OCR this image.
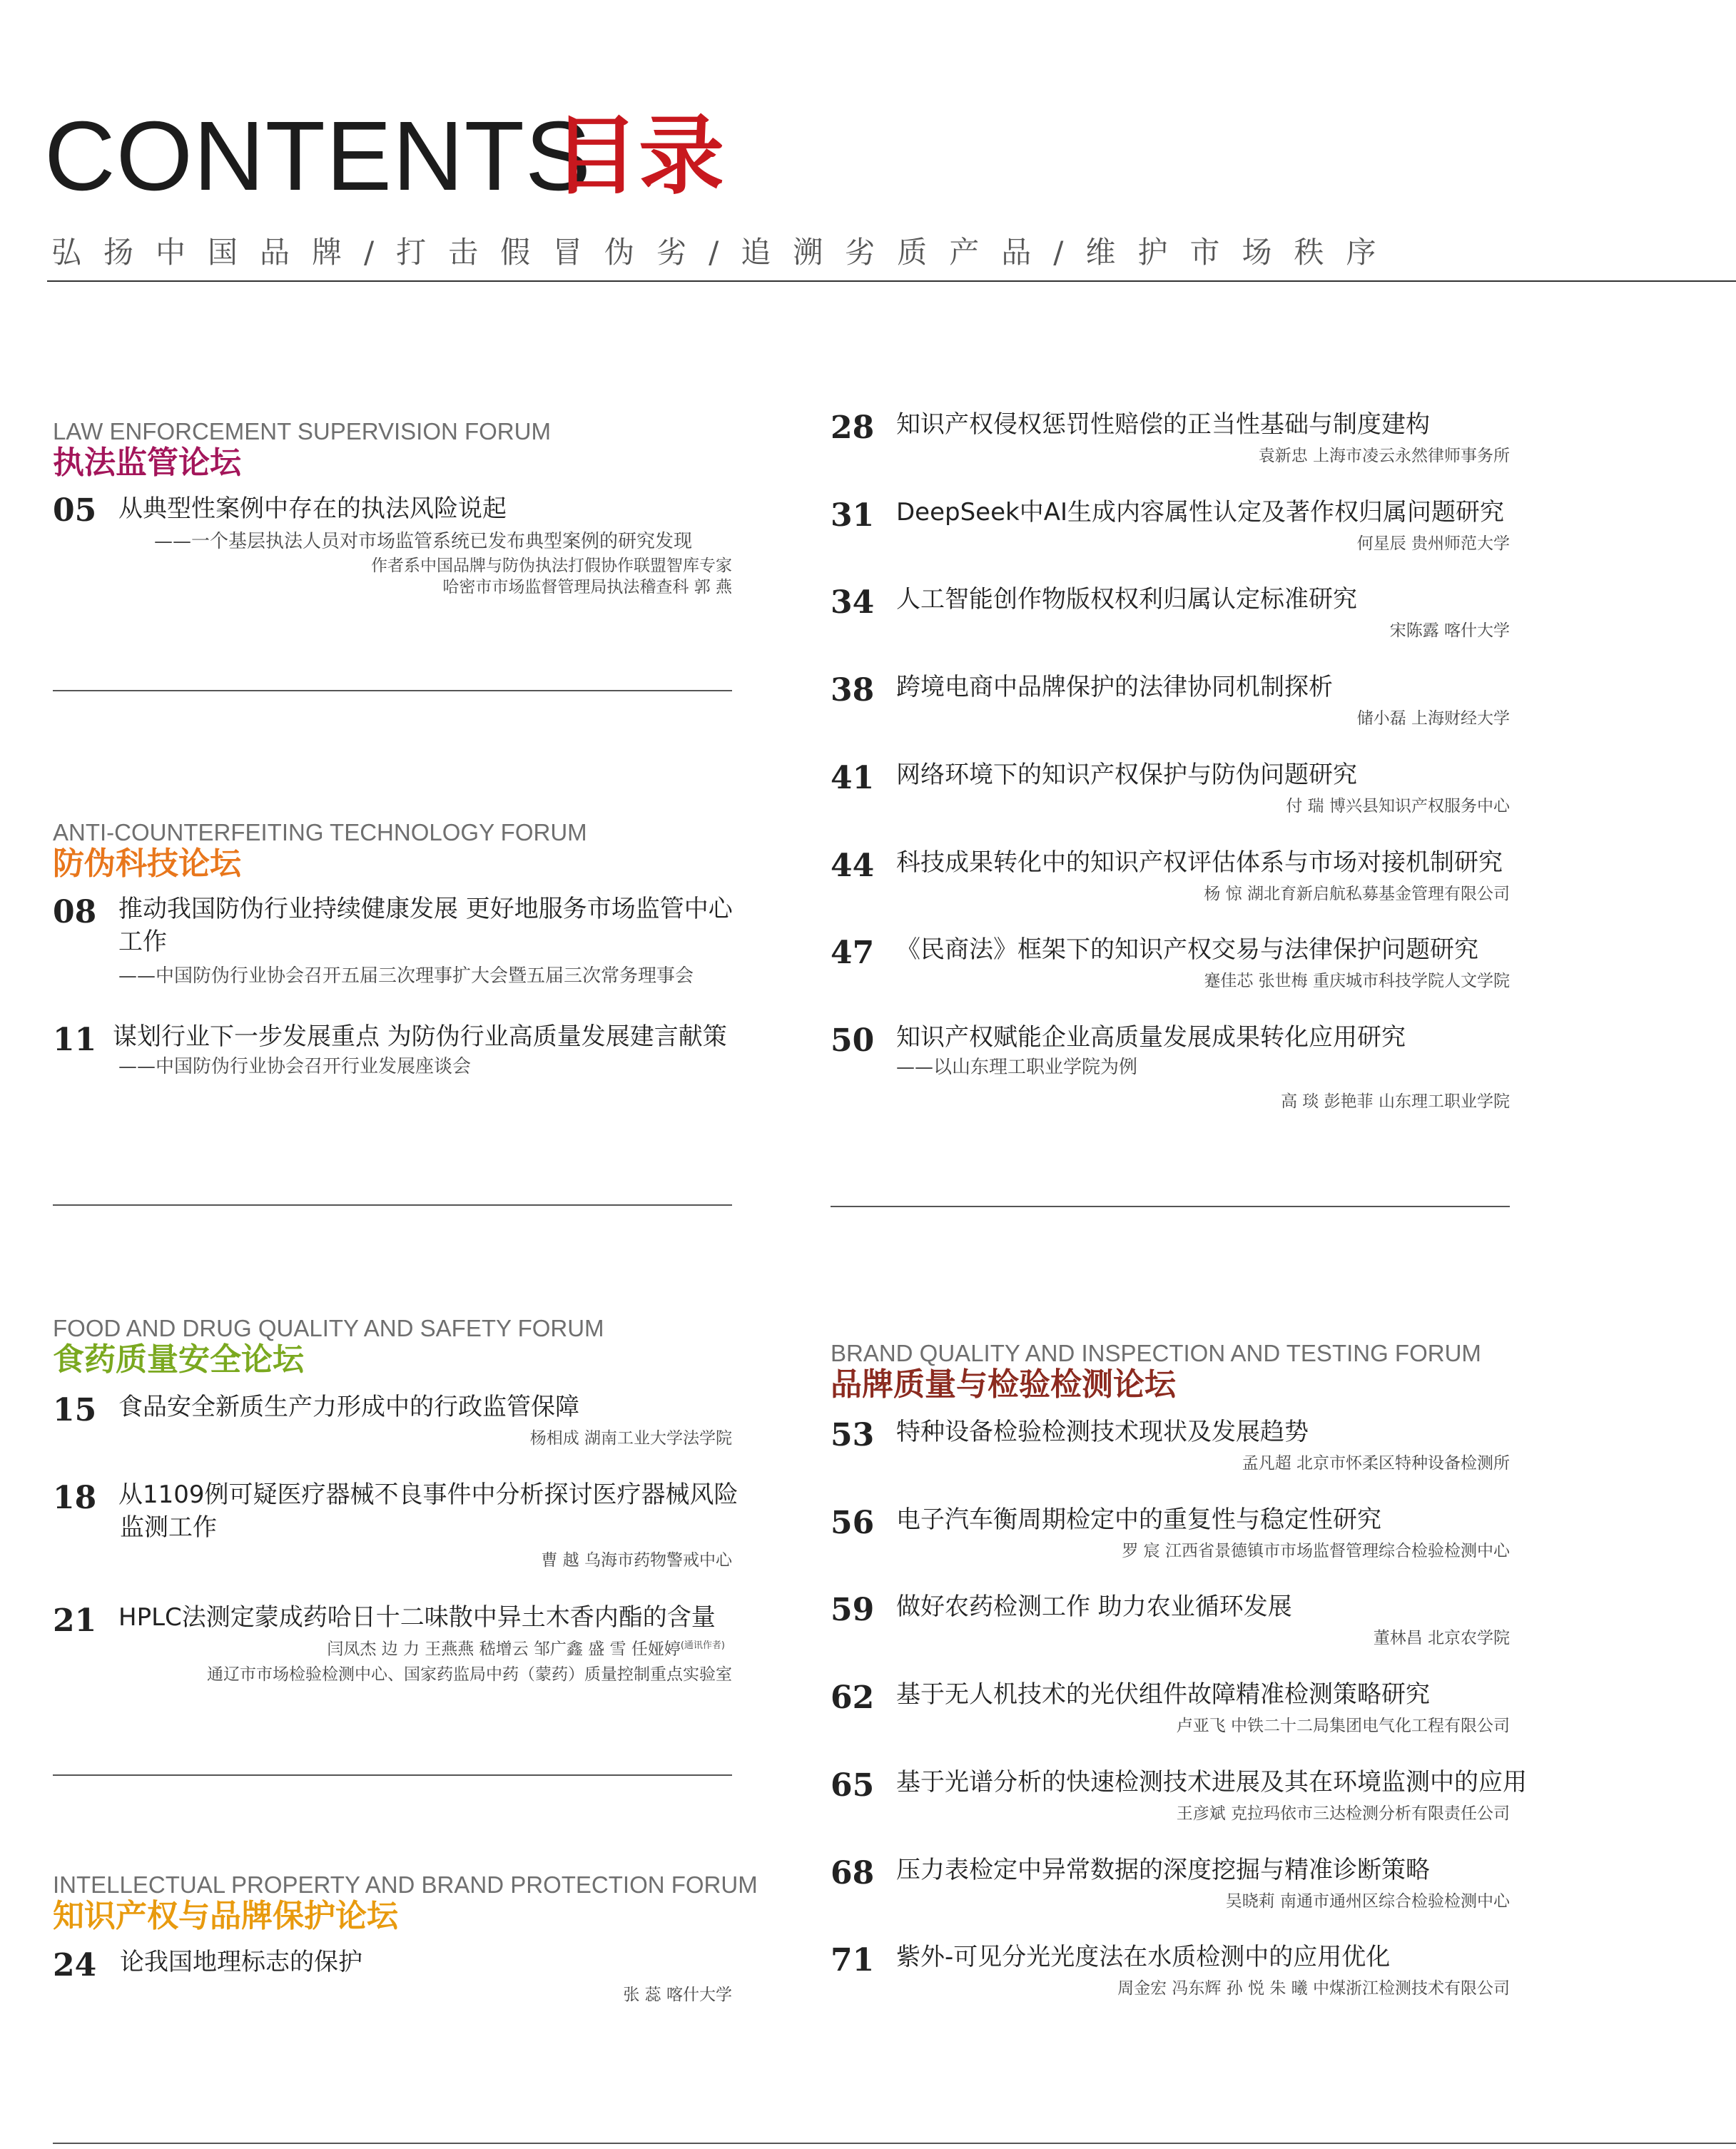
CONTENTS
目录
弘扬中国品牌/打击假冒伪劣/追溯劣质产品/维护市场秩序
LAW ENFORCEMENT SUPERVISION FORUM
执法监管论坛
05 从典型性案例中存在的执法风险说起
——一个基层执法人员对市场监管系统已发布典型案例的研究发现
作者系中国品牌与防伪执法打假协作联盟智库专家
哈密市市场监督管理局执法稽查科 郭 燕
ANTI-COUNTERFEITING TECHNOLOGY FORUM
防伪科技论坛
08 推动我国防伪行业持续健康发展 更好地服务市场监管中心
工作
——中国防伪行业协会召开五届三次理事扩大会暨五届三次常务理事会
11 谋划行业下一步发展重点 为防伪行业高质量发展建言献策
——中国防伪行业协会召开行业发展座谈会
FOOD AND DRUG QUALITY AND SAFETY FORUM
食药质量安全论坛
15 食品安全新质生产力形成中的行政监管保障
杨相成 湖南工业大学法学院
18 从1109例可疑医疗器械不良事件中分析探讨医疗器械风险
监测工作
曹 越 乌海市药物警戒中心
21 HPLC法测定蒙成药哈日十二味散中异土木香内酯的含量
闫凤杰 边 力 王燕燕 嵇增云 邹广鑫 盛 雪 任娅婷$^{(通讯作者)}$
通辽市市场检验检测中心、国家药监局中药（蒙药）质量控制重点实验室
INTELLECTUAL PROPERTY AND BRAND PROTECTION FORUM
知识产权与品牌保护论坛
24 论我国地理标志的保护
张 蕊 喀什大学
28 知识产权侵权惩罚性赔偿的正当性基础与制度建构
袁新忠 上海市凌云永然律师事务所
31 DeepSeek中AI生成内容属性认定及著作权归属问题研究
何星辰 贵州师范大学
34 人工智能创作物版权权利归属认定标准研究
宋陈露 喀什大学
38 跨境电商中品牌保护的法律协同机制探析
储小磊 上海财经大学
41 网络环境下的知识产权保护与防伪问题研究
付 瑞 博兴县知识产权服务中心
44 科技成果转化中的知识产权评估体系与市场对接机制研究
杨 惊 湖北育新启航私募基金管理有限公司
47 《民商法》框架下的知识产权交易与法律保护问题研究
蹇佳芯 张世梅 重庆城市科技学院人文学院
50 知识产权赋能企业高质量发展成果转化应用研究
——以山东理工职业学院为例
高 琰 彭艳菲 山东理工职业学院
BRAND QUALITY AND INSPECTION AND TESTING FORUM
品牌质量与检验检测论坛
53 特种设备检验检测技术现状及发展趋势
孟凡超 北京市怀柔区特种设备检测所
56 电子汽车衡周期检定中的重复性与稳定性研究
罗 宸 江西省景德镇市市场监督管理综合检验检测中心
59 做好农药检测工作 助力农业循环发展
董林昌 北京农学院
62 基于无人机技术的光伏组件故障精准检测策略研究
卢亚飞 中铁二十二局集团电气化工程有限公司
65 基于光谱分析的快速检测技术进展及其在环境监测中的应用
王彦斌 克拉玛依市三达检测分析有限责任公司
68 压力表检定中异常数据的深度挖掘与精准诊断策略
吴晓莉 南通市通州区综合检验检测中心
71 紫外-可见分光光度法在水质检测中的应用优化
周金宏 冯东辉 孙 悦 朱 曦 中煤浙江检测技术有限公司
